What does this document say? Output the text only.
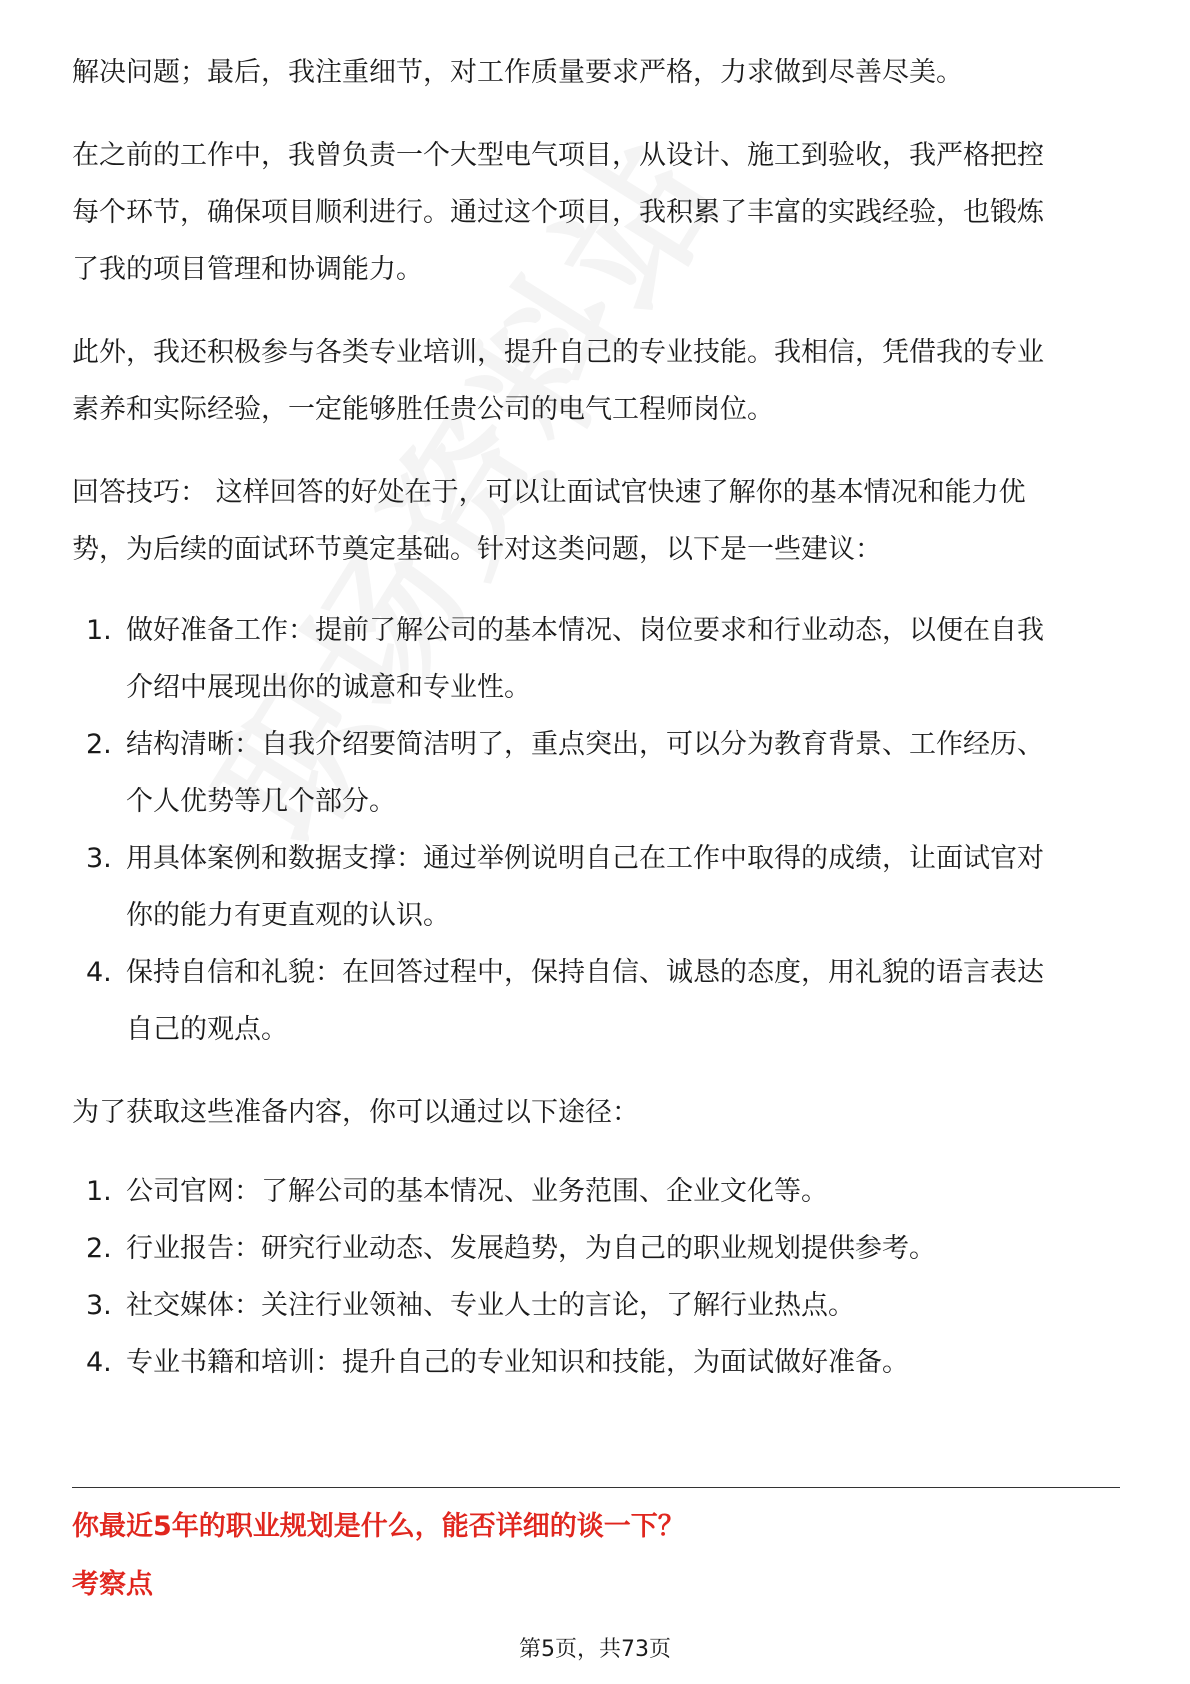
解决问题；最后，我注重细节，对工作质量要求严格，力求做到尽善尽美。

在之前的工作中，我曾负责一个大型电气项目，从设计、施工到验收，我严格把控

每个环节，确保项目顺利进行。通过这个项目，我积累了丰富的实践经验，也锻炼

了我的项目管理和协调能力。

此外，我还积极参与各类专业培训，提升自己的专业技能。我相信，凭借我的专业

素养和实际经验，一定能够胜任贵公司的电气工程师岗位。

回答技巧： 这样回答的好处在于，可以让面试官快速了解你的基本情况和能力优

势，为后续的面试环节奠定基础。针对这类问题，以下是一些建议：

1. 做好准备工作：提前了解公司的基本情况、岗位要求和行业动态，以便在自我
介绍中展现出你的诚意和专业性。
2. 结构清晰：自我介绍要简洁明了，重点突出，可以分为教育背景、工作经历、
个人优势等几个部分。
3. 用具体案例和数据支撑：通过举例说明自己在工作中取得的成绩，让面试官对
你的能力有更直观的认识。
4. 保持自信和礼貌：在回答过程中，保持自信、诚恳的态度，用礼貌的语言表达
自己的观点。

为了获取这些准备内容，你可以通过以下途径：

1. 公司官网：了解公司的基本情况、业务范围、企业文化等。
2. 行业报告：研究行业动态、发展趋势，为自己的职业规划提供参考。
3. 社交媒体：关注行业领袖、专业人士的言论，了解行业热点。
4. 专业书籍和培训：提升自己的专业知识和技能，为面试做好准备。
你最近5年的职业规划是什么，能否详细的谈一下？
考察点
第5页，共73页
